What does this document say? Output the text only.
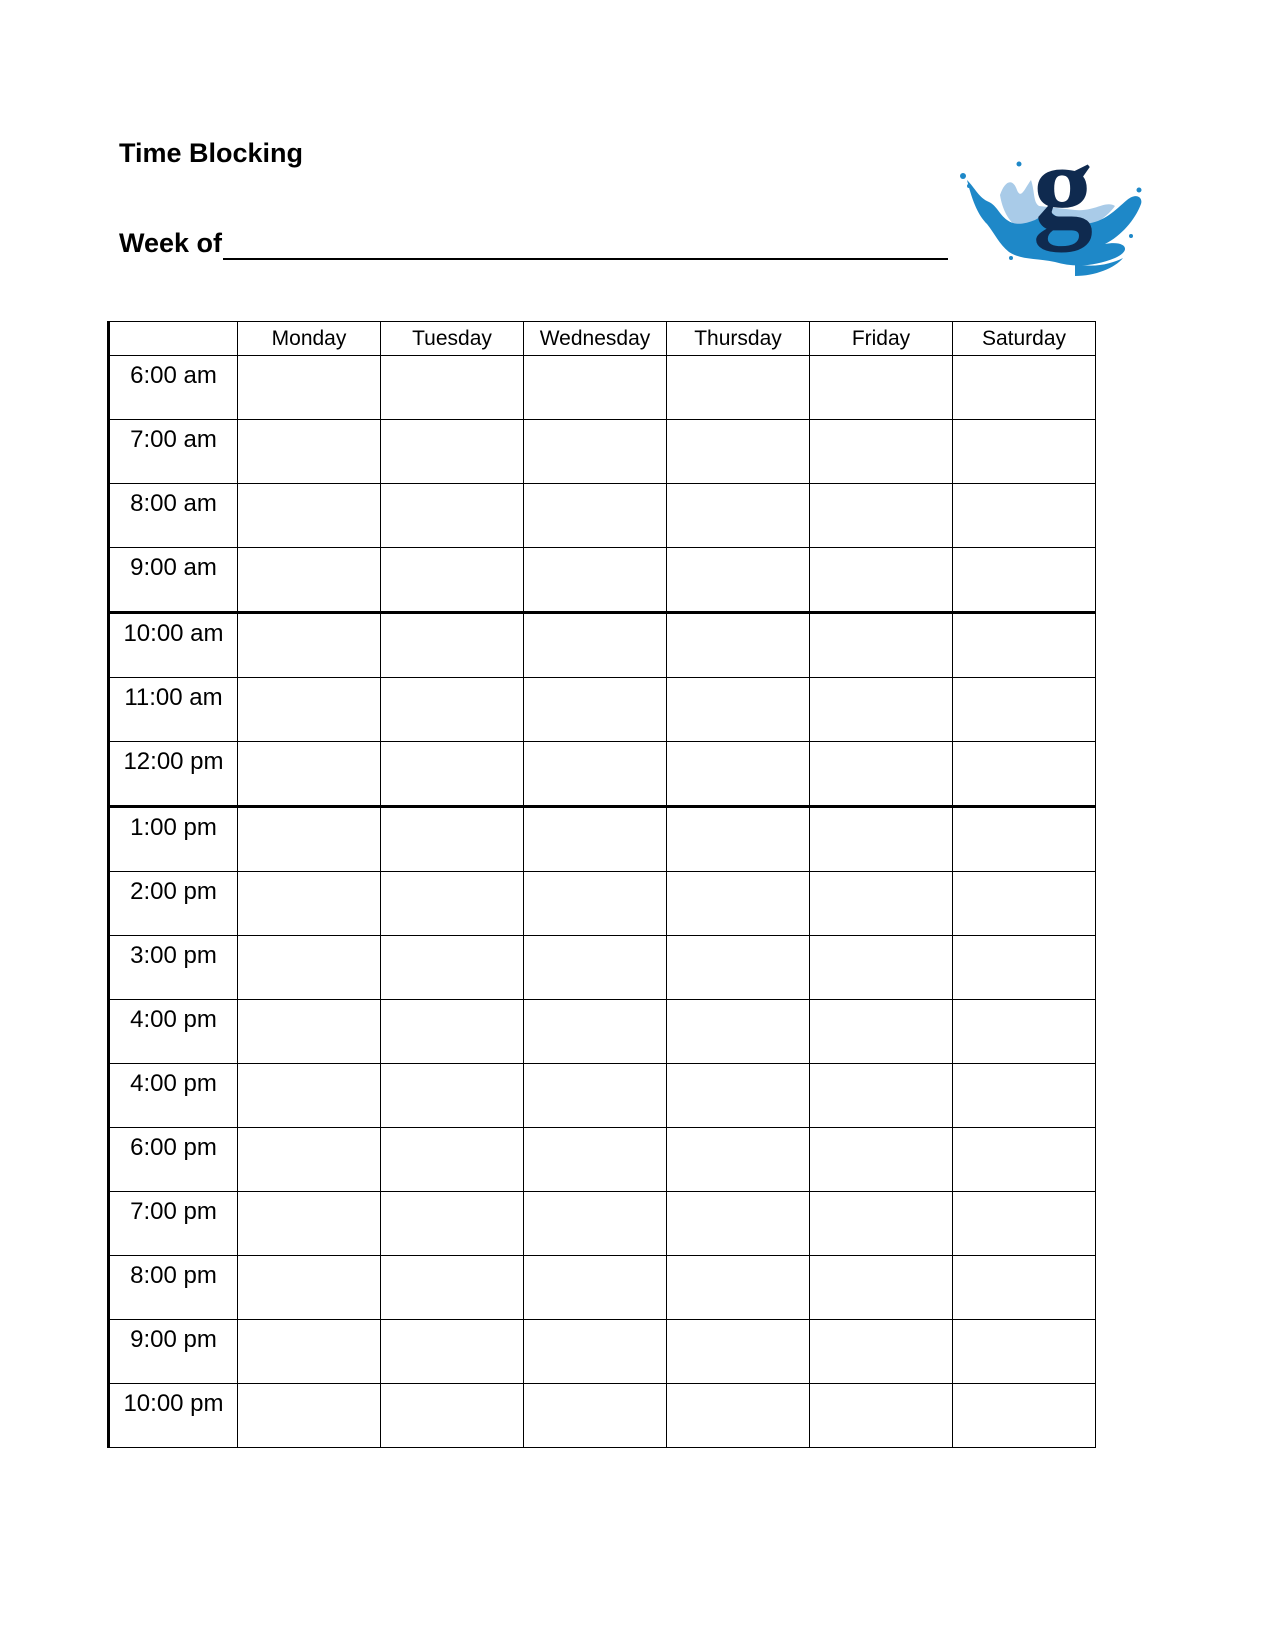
Time Blocking
Week of	g
	Monday	Tuesday	Wednesday	Thursday	Friday	Saturday
6:00 am						
7:00 am						
8:00 am						
9:00 am						
10:00 am						
11:00 am						
12:00 pm						
1:00 pm						
2:00 pm						
3:00 pm						
4:00 pm						
4:00 pm						
6:00 pm						
7:00 pm						
8:00 pm						
9:00 pm						
10:00 pm						
